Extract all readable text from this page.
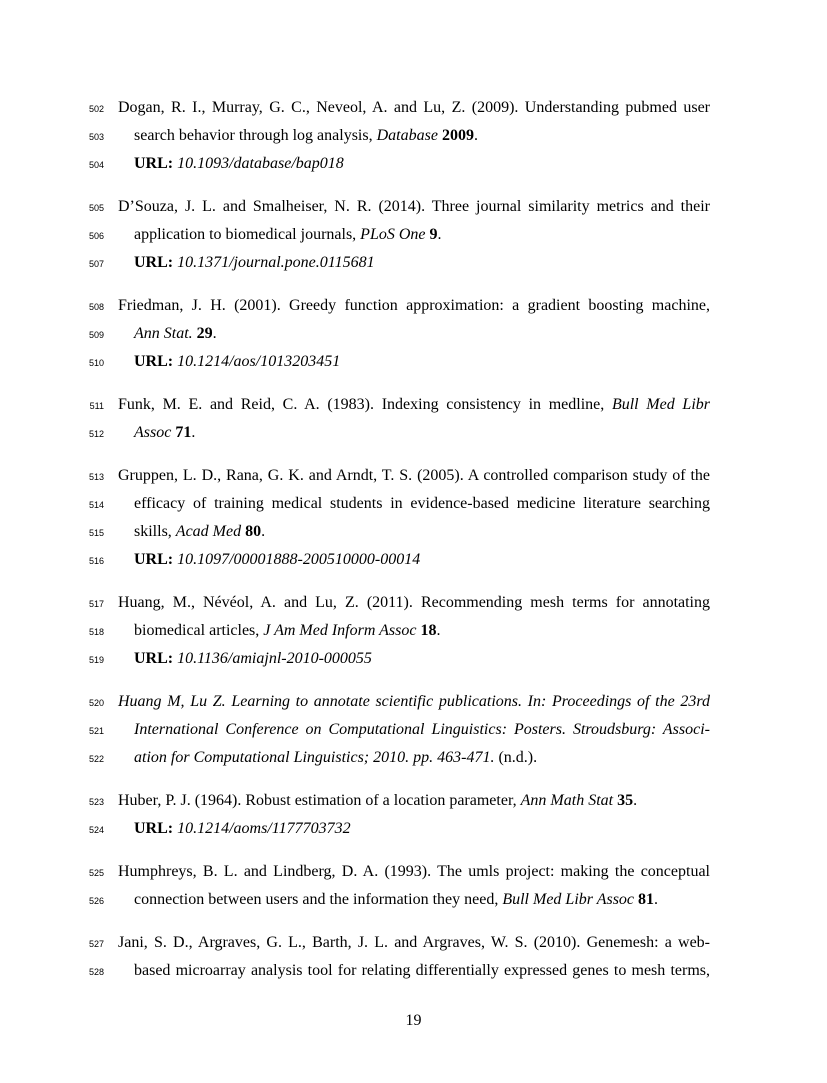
502 Dogan, R. I., Murray, G. C., Neveol, A. and Lu, Z. (2009). Understanding pubmed user
503 search behavior through log analysis, Database 2009.
504 URL: 10.1093/database/bap018
505 D’Souza, J. L. and Smalheiser, N. R. (2014). Three journal similarity metrics and their
506 application to biomedical journals, PLoS One 9.
507 URL: 10.1371/journal.pone.0115681
508 Friedman, J. H. (2001). Greedy function approximation: a gradient boosting machine,
509 Ann Stat. 29.
510 URL: 10.1214/aos/1013203451
511 Funk, M. E. and Reid, C. A. (1983). Indexing consistency in medline, Bull Med Libr
512 Assoc 71.
513 Gruppen, L. D., Rana, G. K. and Arndt, T. S. (2005). A controlled comparison study of the
514 efficacy of training medical students in evidence-based medicine literature searching
515 skills, Acad Med 80.
516 URL: 10.1097/00001888-200510000-00014
517 Huang, M., Névéol, A. and Lu, Z. (2011). Recommending mesh terms for annotating
518 biomedical articles, J Am Med Inform Assoc 18.
519 URL: 10.1136/amiajnl-2010-000055
520 Huang M, Lu Z. Learning to annotate scientific publications. In: Proceedings of the 23rd
521 International Conference on Computational Linguistics: Posters. Stroudsburg: Associ-
522 ation for Computational Linguistics; 2010. pp. 463-471. (n.d.).
523 Huber, P. J. (1964). Robust estimation of a location parameter, Ann Math Stat 35.
524 URL: 10.1214/aoms/1177703732
525 Humphreys, B. L. and Lindberg, D. A. (1993). The umls project: making the conceptual
526 connection between users and the information they need, Bull Med Libr Assoc 81.
527 Jani, S. D., Argraves, G. L., Barth, J. L. and Argraves, W. S. (2010). Genemesh: a web-
528 based microarray analysis tool for relating differentially expressed genes to mesh terms,
19
